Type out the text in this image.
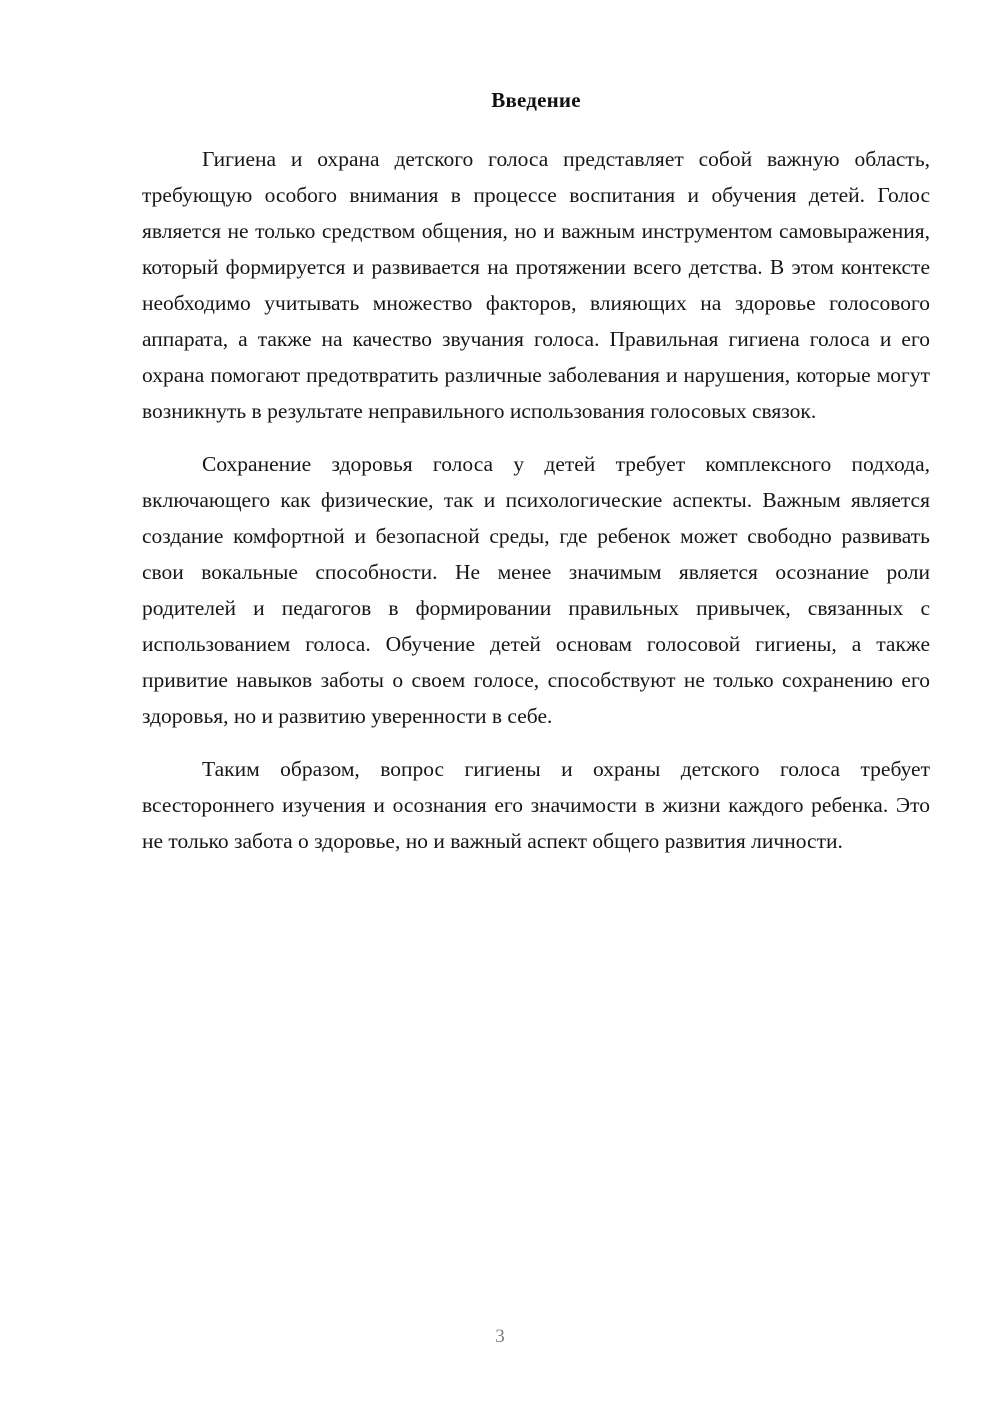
Введение

Гигиена и охрана детского голоса представляет собой важную область, требующую особого внимания в процессе воспитания и обучения детей. Голос является не только средством общения, но и важным инструментом самовыражения, который формируется и развивается на протяжении всего детства. В этом контексте необходимо учитывать множество факторов, влияющих на здоровье голосового аппарата, а также на качество звучания голоса. Правильная гигиена голоса и его охрана помогают предотвратить различные заболевания и нарушения, которые могут возникнуть в результате неправильного использования голосовых связок.

Сохранение здоровья голоса у детей требует комплексного подхода, включающего как физические, так и психологические аспекты. Важным является создание комфортной и безопасной среды, где ребенок может свободно развивать свои вокальные способности. Не менее значимым является осознание роли родителей и педагогов в формировании правильных привычек, связанных с использованием голоса. Обучение детей основам голосовой гигиены, а также привитие навыков заботы о своем голосе, способствуют не только сохранению его здоровья, но и развитию уверенности в себе.

Таким образом, вопрос гигиены и охраны детского голоса требует всестороннего изучения и осознания его значимости в жизни каждого ребенка. Это не только забота о здоровье, но и важный аспект общего развития личности.

3
